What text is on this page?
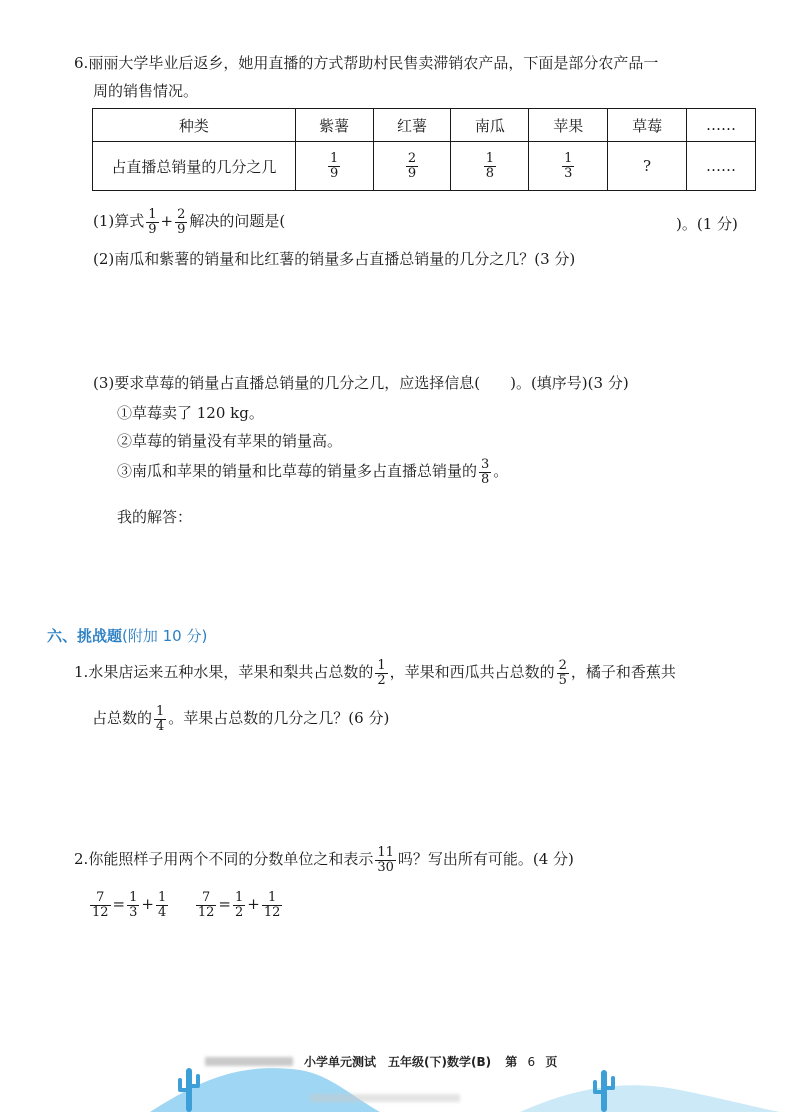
6.丽丽大学毕业后返乡，她用直播的方式帮助村民售卖滞销农产品，下面是部分农产品一
周的销售情况。
种类	紫薯	红薯	南瓜	苹果	草莓	……
占直播总销量的几分之几	$\frac{1}{9}$	$\frac{2}{9}$	$\frac{1}{8}$	$\frac{1}{3}$	?	……
(1)算式 $\frac{1}{9} + \frac{2}{9}$ 解决的问题是(	)。(1 分)
(2)南瓜和紫薯的销量和比红薯的销量多占直播总销量的几分之几？(3 分)
(3)要求草莓的销量占直播总销量的几分之几，应选择信息(　　)。(填序号)(3 分)
①草莓卖了 120 kg。
②草莓的销量没有苹果的销量高。
③南瓜和苹果的销量和比草莓的销量多占直播总销量的 $\frac{3}{8}$ 。
我的解答：
六、挑战题(附加 10 分)
1.水果店运来五种水果，苹果和梨共占总数的 $\frac{1}{2}$ ，苹果和西瓜共占总数的 $\frac{2}{5}$ ，橘子和香蕉共
占总数的 $\frac{1}{4}$ 。苹果占总数的几分之几？(6 分)
2.你能照样子用两个不同的分数单位之和表示 $\frac{11}{30}$ 吗？写出所有可能。(4 分)
$\frac{7}{12} = \frac{1}{3} + \frac{1}{4}$
$\frac{7}{12} = \frac{1}{2} + \frac{1}{12}$
小学单元测试　五年级(下)数学(B) 第 6 页
